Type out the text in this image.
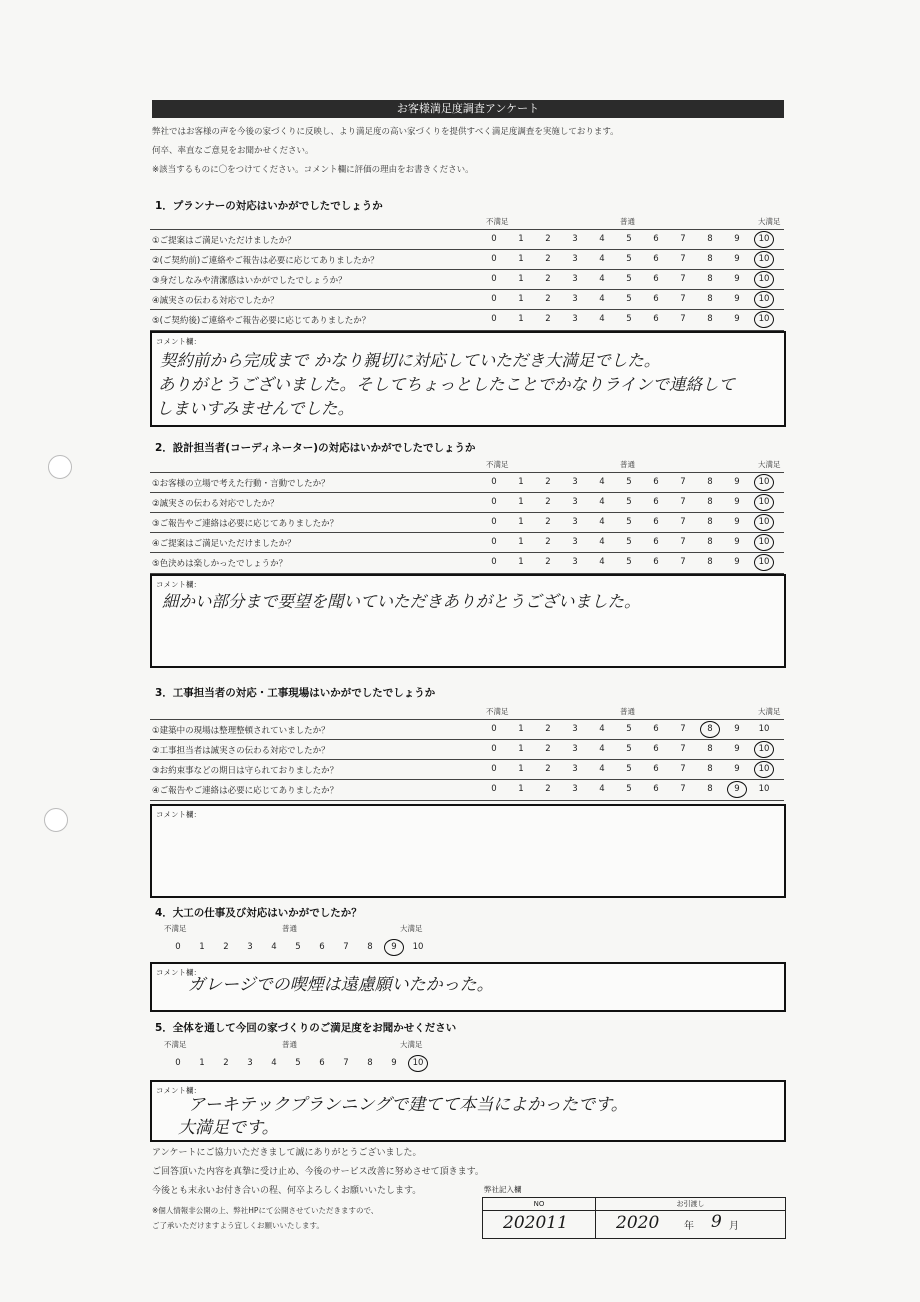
お客様満足度調査アンケート
弊社ではお客様の声を今後の家づくりに反映し、より満足度の高い家づくりを提供すべく満足度調査を実施しております。
何卒、率直なご意見をお聞かせください。
※該当するものに〇をつけてください。コメント欄に評価の理由をお書きください。
1．プランナーの対応はいかがでしたでしょうか
不満足	普通	大満足
①ご提案はご満足いただけましたか？	0	1	2	3	4	5	6	7	8	9	10
②(ご契約前)ご連絡やご報告は必要に応じてありましたか？	0	1	2	3	4	5	6	7	8	9	10
③身だしなみや清潔感はいかがでしたでしょうか？	0	1	2	3	4	5	6	7	8	9	10
④誠実さの伝わる対応でしたか？	0	1	2	3	4	5	6	7	8	9	10
⑤(ご契約後)ご連絡やご報告必要に応じてありましたか？	0	1	2	3	4	5	6	7	8	9	10
コメント欄：
契約前から完成まで かなり親切に対応していただき大満足でした。
ありがとうございました。そしてちょっとしたことでかなりラインで連絡して
しまいすみませんでした。
2．設計担当者(コーディネーター)の対応はいかがでしたでしょうか
不満足	普通	大満足
①お客様の立場で考えた行動・言動でしたか？	0	1	2	3	4	5	6	7	8	9	10
②誠実さの伝わる対応でしたか？	0	1	2	3	4	5	6	7	8	9	10
③ご報告やご連絡は必要に応じてありましたか？	0	1	2	3	4	5	6	7	8	9	10
④ご提案はご満足いただけましたか？	0	1	2	3	4	5	6	7	8	9	10
⑤色決めは楽しかったでしょうか？	0	1	2	3	4	5	6	7	8	9	10
コメント欄：
細かい部分まで要望を聞いていただきありがとうございました。
3．工事担当者の対応・工事現場はいかがでしたでしょうか
不満足	普通	大満足
①建築中の現場は整理整頓されていましたか？	0	1	2	3	4	5	6	7	8	9	10
②工事担当者は誠実さの伝わる対応でしたか？	0	1	2	3	4	5	6	7	8	9	10
③お約束事などの期日は守られておりましたか？	0	1	2	3	4	5	6	7	8	9	10
④ご報告やご連絡は必要に応じてありましたか？	0	1	2	3	4	5	6	7	8	9	10
コメント欄：
4．大工の仕事及び対応はいかがでしたか？
不満足	普通	大満足
0	1	2	3	4	5	6	7	8	9	10
コメント欄：
ガレージでの喫煙は遠慮願いたかった。
5．全体を通して今回の家づくりのご満足度をお聞かせください
不満足	普通	大満足
0	1	2	3	4	5	6	7	8	9	10
コメント欄：
アーキテックプランニングで建てて本当によかったです。
大満足です。
アンケートにご協力いただきまして誠にありがとうございました。
ご回答頂いた内容を真摯に受け止め、今後のサービス改善に努めさせて頂きます。
今後とも末永いお付き合いの程、何卒よろしくお願いいたします。
※個人情報非公開の上、弊社HPにて公開させていただきますので、
ご了承いただけますよう宜しくお願いいたします。
弊社記入欄
NO	お引渡し
202011	2020 年 9 月
